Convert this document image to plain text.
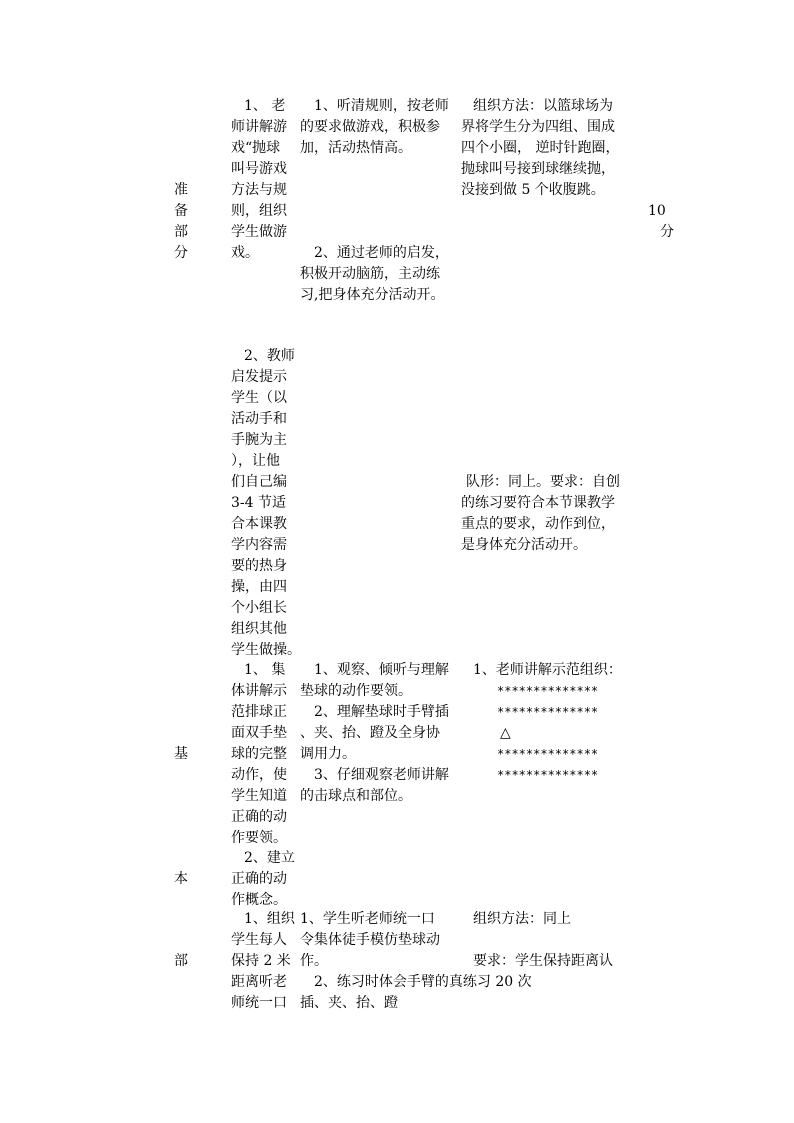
准
备
部
分
10
分
1、 老
师讲解游
戏“抛球
叫号游戏
方法与规
则，组织
学生做游
戏。
1、听清规则，按老师
的要求做游戏，积极参
加，活动热情高。
2、通过老师的启发，
积极开动脑筋，主动练
习,把身体充分活动开。
组织方法：以篮球场为
界将学生分为四组、围成
四个小圈， 逆时针跑圈，
抛球叫号接到球继续抛，
没接到做 5 个收腹跳。
2、教师
启发提示
学生（以
活动手和
手腕为主
），让他
们自己编
3-4 节适
合本课教
学内容需
要的热身
操，由四
个小组长
组织其他
学生做操。
队形：同上。要求：自创
的练习要符合本节课教学
重点的要求，动作到位，
是身体充分活动开。
基
本
部
1、 集
体讲解示
范排球正
面双手垫
球的完整
动作，使
学生知道
正确的动
作要领。
2、建立
正确的动
作概念。
1、观察、倾听与理解
垫球的动作要领。
2、理解垫球时手臂插
、夹、抬、蹬及全身协
调用力。
3、仔细观察老师讲解
的击球点和部位。
1、老师讲解示范组织：
**************
**************
△
**************
**************
1、组织
学生每人
保持 2 米
距离听老
师统一口
1、学生听老师统一口
令集体徒手模仿垫球动
作。
2、练习时体会手臂的真练习 20 次
插、夹、抬、蹬
组织方法：同上
要求：学生保持距离认
